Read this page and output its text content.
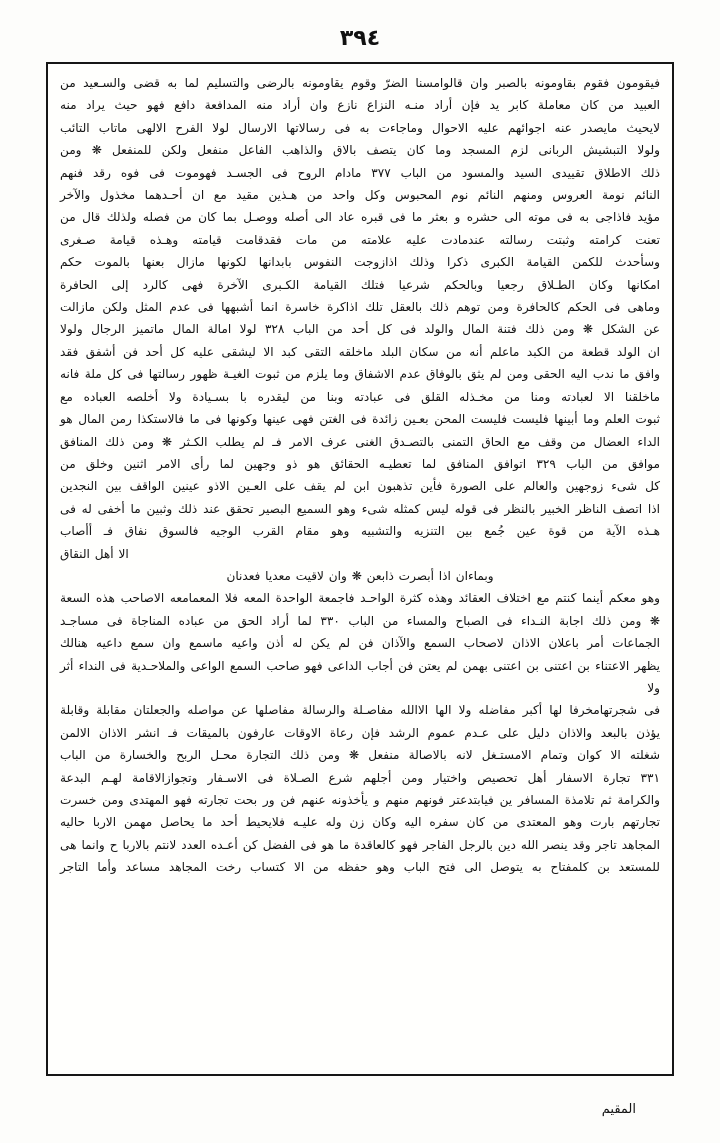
٣٩٤

فيقومون فقوم بقاومونه بالصبر وان قالوامسنا الضرّ وقوم يقاومونه بالرضى والتسليم لما به قضى والسـعيد من

العبيد من كان معاملة كابر يد فإن أراد منـه النزاع نازع وان أراد منه المدافعة دافع فهو حيث يراد منه

لايحيث مايصدر عنه اجوائهم عليه الاحوال وماجاءت به فى رسالاتها الارسال لولا الفرح الالهى ماتاب التائب

ولولا التبشيش الربانى لزم المسجد وما كان يتصف بالاق والذاهب الفاعل منفعل ولكن للمنفعل ❋ ومن

ذلك الاطلاق تقييدى السيد والمسود من الباب ٣٧٧ مادام الروح فى الجسـد فهوموت فى فوه رقد فنهم

النائم نومة العروس ومنهم النائم نوم المحبوس وكل واحد من هـذين مقيد مع ان أحـدهما مخذول والآخر

مؤيد فاذاجى به فى موته الى حشره و بعثر ما فى قبره عاد الى أصله ووصـل بما كان من فصله ولذلك قال من

تعنت كرامته وثبتت رسالته عندمادت عليه علامته من مات فقدقامت قيامته وهـذه قيامة صـغرى

وسأحدث للكمن القيامة الكبرى ذكرا وذلك اذازوجت النفوس بابدانها لكونها مازال بعنها بالموت حكم

امكانها وكان الطـلاق رجعيا وبالحكم شرعيا فتلك القيامة الكـبرى الآخرة فهى كالرد إلى الحافرة

وماهى فى الحكم كالحافرة ومن توهم ذلك بالعقل تلك اذاكرة خاسرة انما أشبهها فى عدم المثل ولكن مازالت

عن الشكل ❋ ومن ذلك فتنة المال والولد فى كل أحد من الباب ٣٢٨ لولا امالة المال ماتميز الرجال ولولا

ان الولد قطعة من الكبد ماعلم أنه من سكان البلد ماخلقه التقى كبد الا ليشقى عليه كل أحد فن أشفق فقد

وافق ما ندب اليه الحقى ومن لم يثق بالوفاق عدم الاشفاق وما يلزم من ثبوت الغيـة ظهور رسالتها فى كل ملة فانه

ماخلقنا الا لعبادته ومنا من مخـذله القلق فى عبادته وبنا من ليقدره با بسـيادة ولا أخلصه العباده مع

ثبوت العلم وما أبينها فليست فليست المحن بعـين زائدة فى الغتن فهى عينها وكونها فى ما فالاستكذا رمن المال هو

الداء العضال من وقف مع الحاق التمنى بالتصـدق الغنى عرف الامر فـ لم يطلب الكـثر ❋ ومن ذلك المنافق

موافق من الباب ٣٢٩ اتوافق المنافق لما تعطيـه الحقائق هو ذو وجهين لما رأى الامر اثنين وخلق من

كل شىء زوجهين والعالم على الصورة فأين تذهبون ابن لم يقف على العـين الاذو عينين الواقف بين النجدين

اذا اتصف الناظر الخبير بالنظر فى قوله ليس كمثله شىء وهو السميع البصير تحقق عند ذلك وثبين ما أخفى له فى

هـذه الآية من قوة عين جُمع بين التنزيه والتشبيه وهو مقام القرب الوجيه فالسوق نفاق فـ أأصاب

الا أهل النقاق

وبماءان اذا أبصرت ذابعن ❋ وان لاقيت معديا فعدنان

وهو معكم أينما كنتم مع اختلاف العقائد وهذه كثرة الواحـد فاجمعة الواحدة المعه فلا المعمامعه الاصاحب هذه السعة

❋ ومن ذلك اجابة النـداء فى الصباح والمساء من الباب ٣٣٠ لما أراد الحق من عباده المناجاة فى مساجـد

الجماعات أمر باعلان الاذان لاصحاب السمع والآذان فن لم يكن له أذن واعيه ماسمع وان سمع داعيه هنالك

يظهر الاعتناء بن اعتنى بن اعتنى بهمن لم يعتن فن أجاب الداعى فهو صاحب السمع الواعى والملاحـدية فى النداء أثر ولا

فى شجرتهامخرفا لها أكبر مفاضله ولا الها الاالله مفاصـلة والرسالة مفاصلها عن مواصله والجعلتان مقابلة وقابلة

يؤذن بالبعد والاذان دليل على عـدم عموم الرشد فإن رعاة الاوقات عارفون بالميقات فـ انشر الاذان الالمن

شغلته الا كوان وتمام الامستـغل لانه بالاصالة منفعل ❋ ومن ذلك التجارة محـل الربح والخسارة من الباب

٣٣١ تجارة الاسفار أهل تحصيص واختيار ومن أجلهم شرع الصـلاة فى الاسـفار وتجوازالاقامة لهـم البدعة

والكرامة ثم تلامذة المسافر ين فيابتدعتر فونهم منهم و يأخذونه عنهم فن ور بحت تجارته فهو المهتدى ومن خسرت

تجارتهم بارت وهو المعتدى من كان سفره اليه وكان زن وله عليـه فلايحيط أحد ما يحاصل مهمن الاربا حاليه

المجاهد تاجر وقد ينصر الله دين بالرجل الفاجر فهو كالعاقدة ما هو فى الفضل كن أعـده العدد لانتم بالاربا ح وانما هى

للمستعد بن كلمفتاح به يتوصل الى فتح الباب وهو حفظه من الا كتساب رخت المجاهد مساعد وأما التاجر

المقيم
